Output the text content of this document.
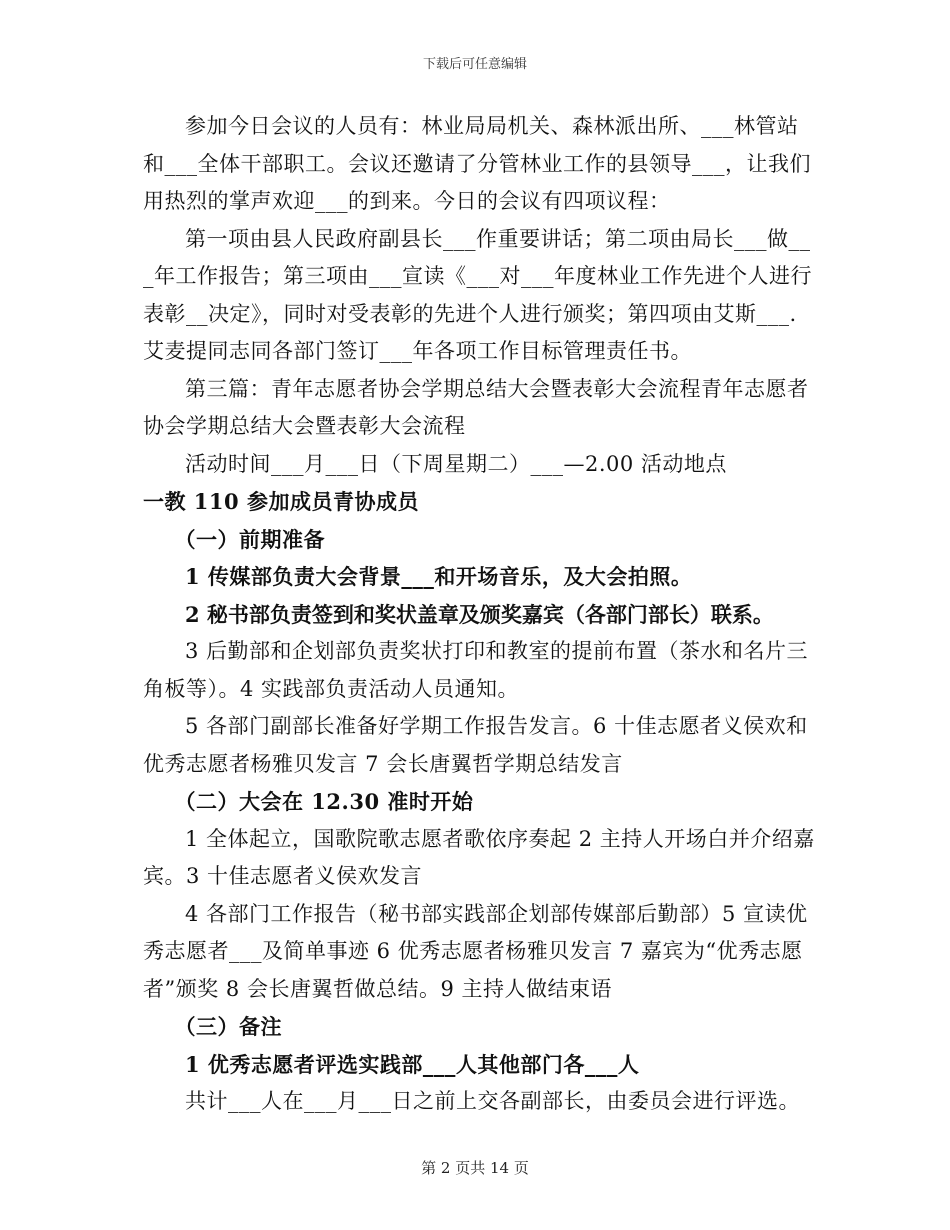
下载后可任意编辑

参加今日会议的人员有：林业局局机关、森林派出所、___林管站和___全体干部职工。会议还邀请了分管林业工作的县领导___，让我们用热烈的掌声欢迎___的到来。今日的会议有四项议程：

第一项由县人民政府副县长___作重要讲话；第二项由局长___做___年工作报告；第三项由___宣读《___对___年度林业工作先进个人进行表彰__决定》，同时对受表彰的先进个人进行颁奖；第四项由艾斯___.艾麦提同志同各部门签订___年各项工作目标管理责任书。

第三篇：青年志愿者协会学期总结大会暨表彰大会流程青年志愿者协会学期总结大会暨表彰大会流程

活动时间___月___日（下周星期二）___—2.00 活动地点

一教 110 参加成员青协成员

（一）前期准备

1 传媒部负责大会背景___和开场音乐，及大会拍照。

2 秘书部负责签到和奖状盖章及颁奖嘉宾（各部门部长）联系。

3 后勤部和企划部负责奖状打印和教室的提前布置（茶水和名片三角板等）。4 实践部负责活动人员通知。

5 各部门副部长准备好学期工作报告发言。6 十佳志愿者义侯欢和优秀志愿者杨雅贝发言 7 会长唐翼哲学期总结发言

（二）大会在 12.30 准时开始

1 全体起立，国歌院歌志愿者歌依序奏起 2 主持人开场白并介绍嘉宾。3 十佳志愿者义侯欢发言

4 各部门工作报告（秘书部实践部企划部传媒部后勤部）5 宣读优秀志愿者___及简单事迹 6 优秀志愿者杨雅贝发言 7 嘉宾为“优秀志愿者”颁奖 8 会长唐翼哲做总结。9 主持人做结束语

（三）备注

1 优秀志愿者评选实践部___人其他部门各___人

共计___人在___月___日之前上交各副部长，由委员会进行评选。

第 2 页共 14 页
